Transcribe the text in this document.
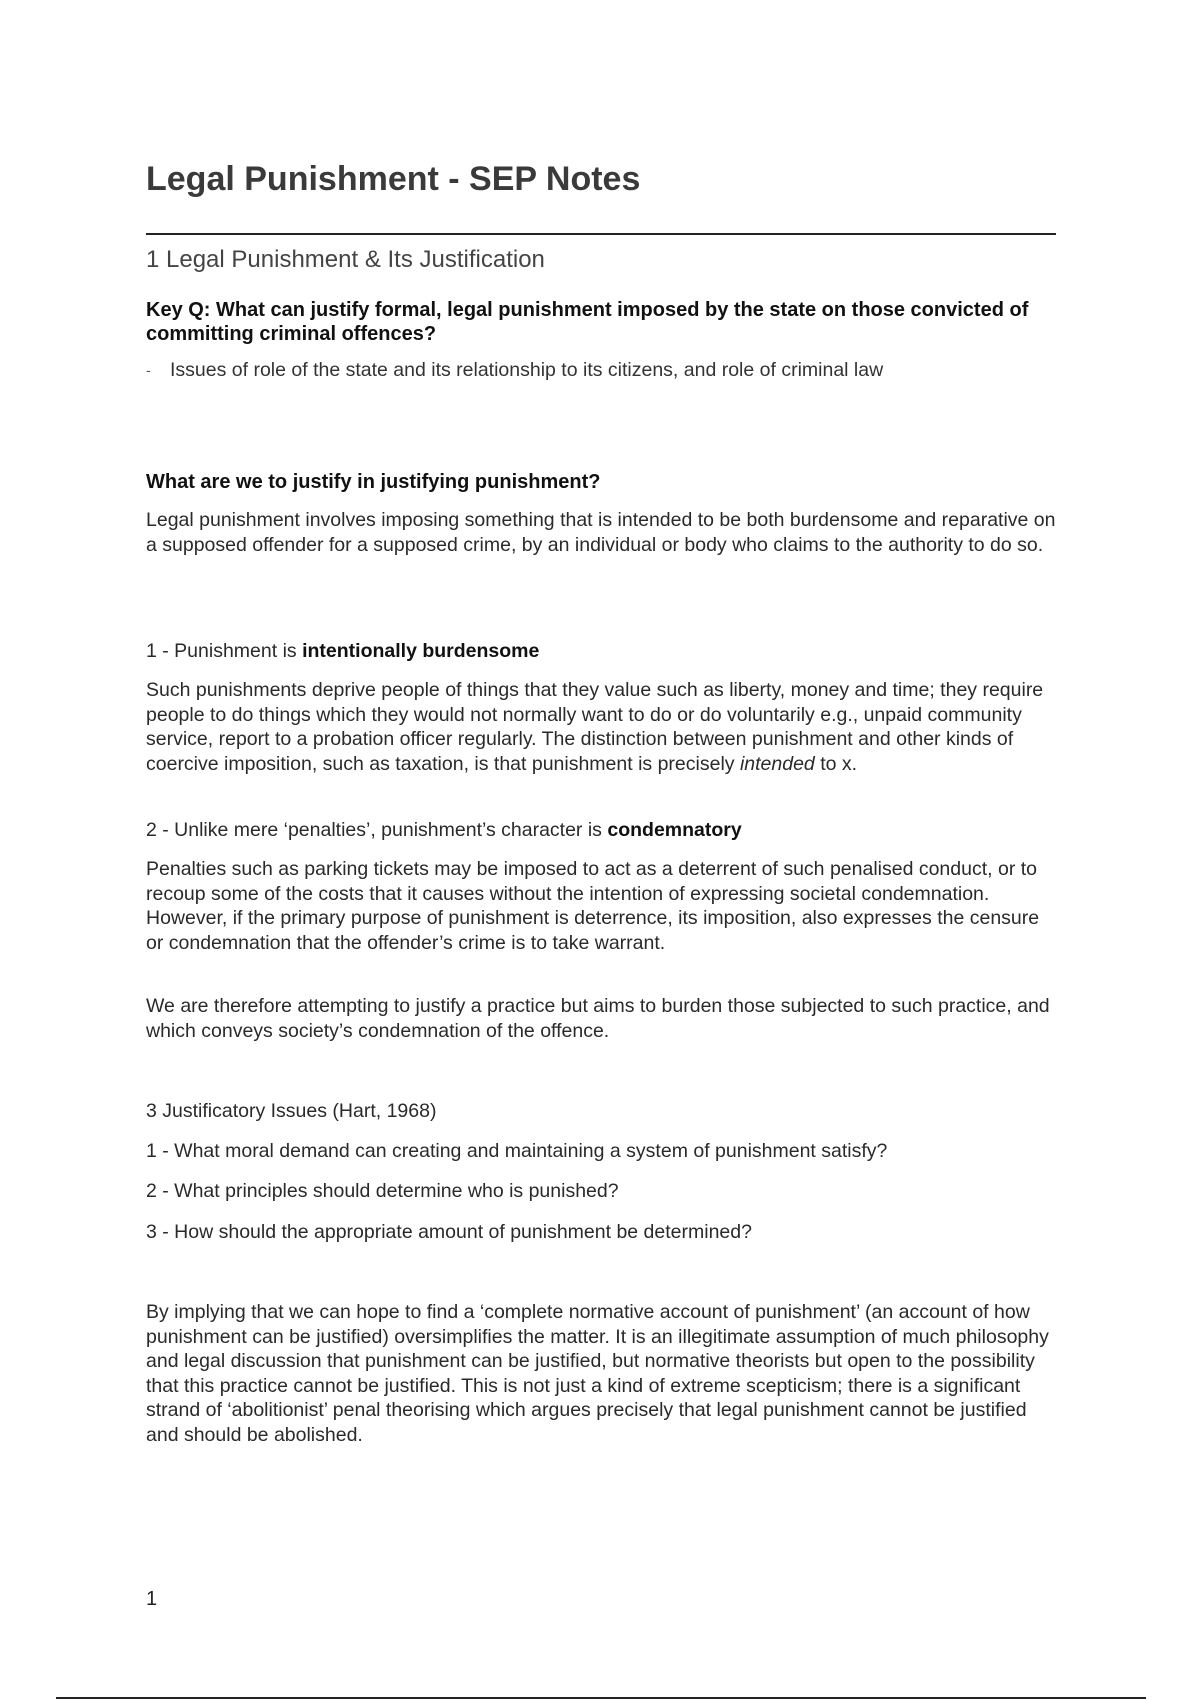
Legal Punishment - SEP Notes
1 Legal Punishment & Its Justification

Key Q: What can justify formal, legal punishment imposed by the state on those convicted of committing criminal offences?

‐ Issues of role of the state and its relationship to its citizens, and role of criminal law

What are we to justify in justifying punishment?

Legal punishment involves imposing something that is intended to be both burdensome and reparative on a supposed offender for a supposed crime, by an individual or body who claims to the authority to do so.

1 - Punishment is intentionally burdensome

Such punishments deprive people of things that they value such as liberty, money and time; they require people to do things which they would not normally want to do or do voluntarily e.g., unpaid community service, report to a probation officer regularly. The distinction between punishment and other kinds of coercive imposition, such as taxation, is that punishment is precisely intended to x.

2 - Unlike mere ‘penalties’, punishment’s character is condemnatory

Penalties such as parking tickets may be imposed to act as a deterrent of such penalised conduct, or to recoup some of the costs that it causes without the intention of expressing societal condemnation. However, if the primary purpose of punishment is deterrence, its imposition, also expresses the censure or condemnation that the offender’s crime is to take warrant.

We are therefore attempting to justify a practice but aims to burden those subjected to such practice, and which conveys society’s condemnation of the offence.

3 Justificatory Issues (Hart, 1968)
1 - What moral demand can creating and maintaining a system of punishment satisfy?
2 - What principles should determine who is punished?
3 - How should the appropriate amount of punishment be determined?

By implying that we can hope to find a ‘complete normative account of punishment’ (an account of how punishment can be justified) oversimplifies the matter. It is an illegitimate assumption of much philosophy and legal discussion that punishment can be justified, but normative theorists but open to the possibility that this practice cannot be justified. This is not just a kind of extreme scepticism; there is a significant strand of ‘abolitionist’ penal theorising which argues precisely that legal punishment cannot be justified and should be abolished.

1
